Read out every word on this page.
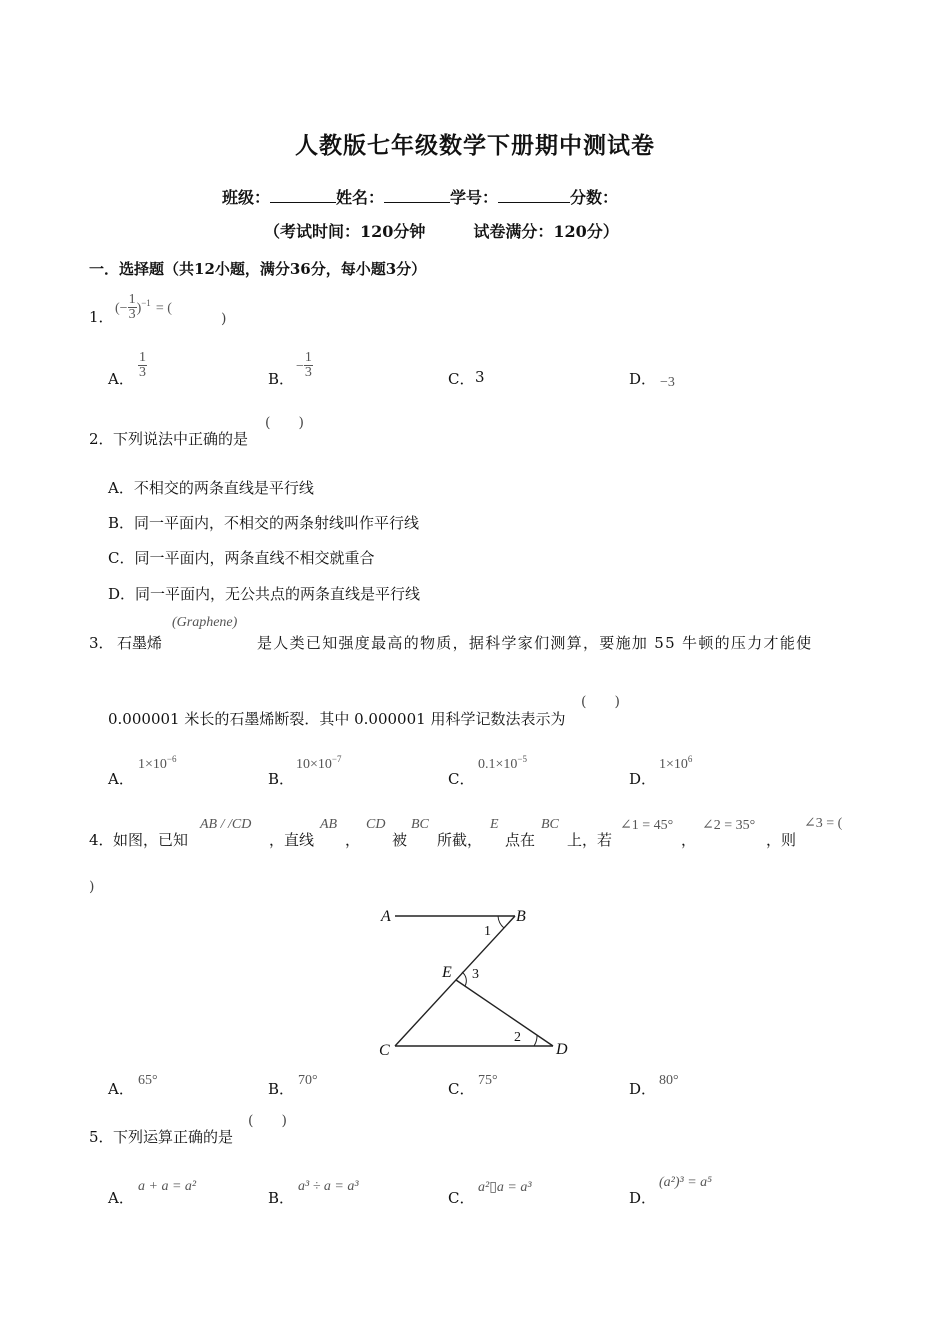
人教版七年级数学下册期中测试卷
班级：	姓名：	学号：	分数：
（考试时间：120分钟　　　试卷满分：120分）
一．选择题（共12小题，满分36分，每小题3分）
1． (− $\frac{1}{3} )^{-1}$ = (
)
A． $\frac{1}{3}$	B．
− $\frac{1}{3}$	C． 3	D． −3
2． 下列说法中正确的是
(　　)
A．不相交的两条直线是平行线
B．同一平面内，不相交的两条射线叫作平行线
C．同一平面内，两条直线不相交就重合
D．同一平面内，无公共点的两条直线是平行线
3． 石墨烯
(Graphene)
是人类已知强度最高的物质，据科学家们测算，要施加 55 牛顿的压力才能使
0.000001 米长的石墨烯断裂．其中 0.000001 用科学记数法表示为
(　　)
A．
$1\times 10^{-6}$
B．
$10\times 10^{-7}$
C．
$0.1\times 10^{-5}$
D．
$1\times 10^6$
4． 如图，已知
AB / /CD
，直线
AB
，
CD
被
BC
所截，
E
点在
BC
上，若
∠1 = 45°
，
∠2 = 35°
，则
∠3 = (
)
A	B
C	D
E
1
2
3
A． 65°	B． 70°	C． 75°	D． 80°
5． 下列运算正确的是
(　　)
A．
a + a = a²
B．
a³ ÷ a = a³
C．
a²▯a = a³
D．
(a²)³ = a⁵
